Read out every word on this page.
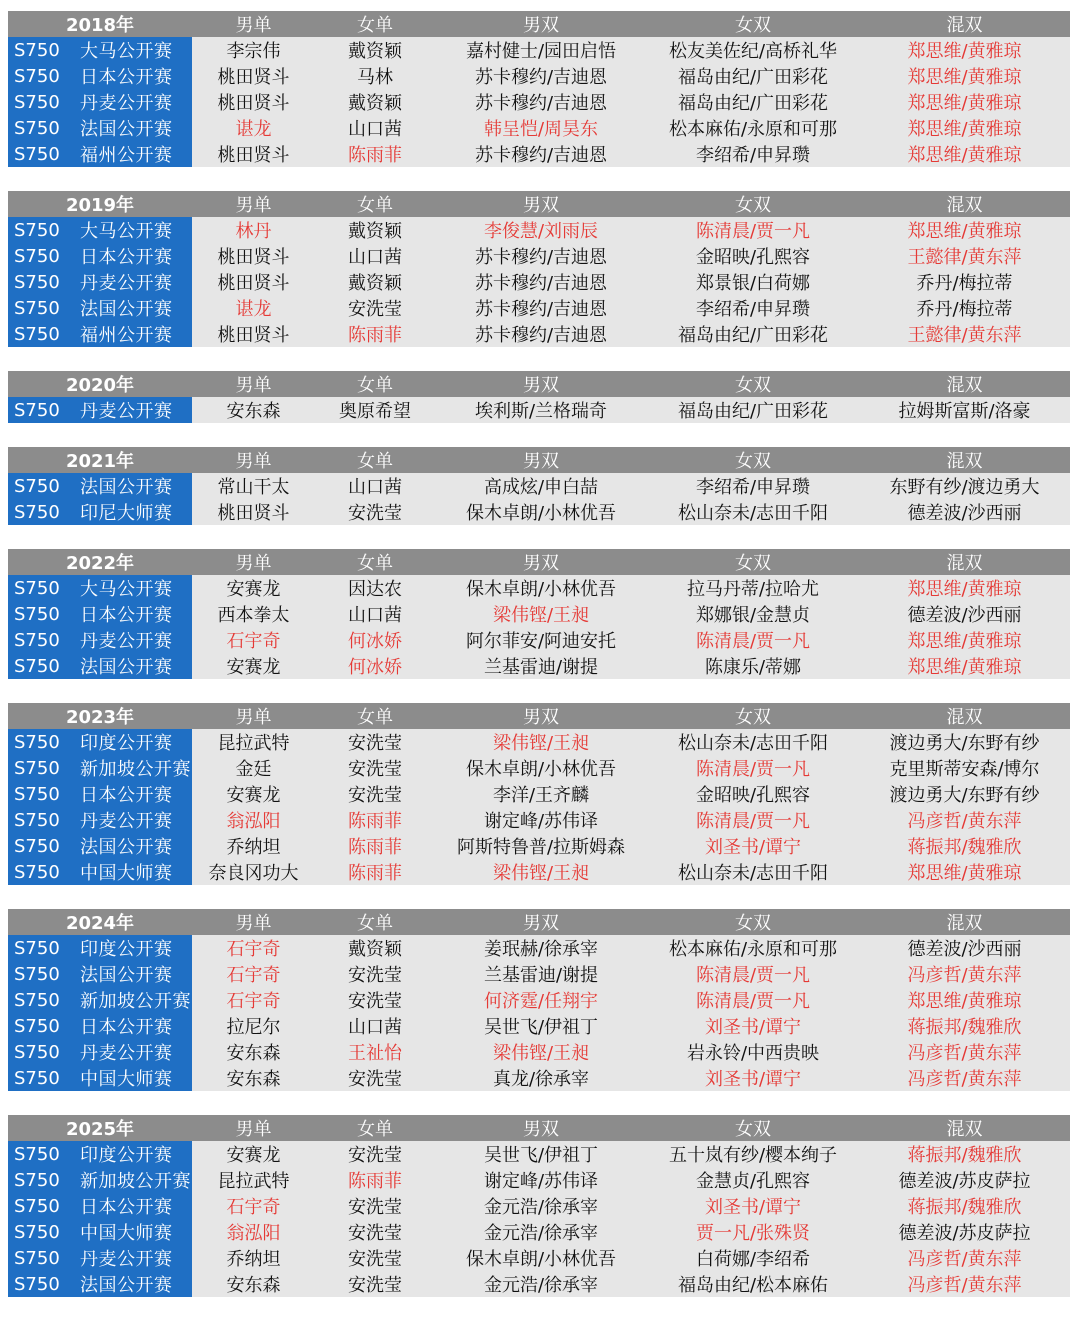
2018年	男单	女单	男双	女双	混双
S750	大马公开赛	李宗伟	戴资颖	嘉村健士/园田启悟	松友美佐纪/高桥礼华	郑思维/黄雅琼
S750	日本公开赛	桃田贤斗	马林	苏卡穆约/吉迪恩	福岛由纪/广田彩花	郑思维/黄雅琼
S750	丹麦公开赛	桃田贤斗	戴资颖	苏卡穆约/吉迪恩	福岛由纪/广田彩花	郑思维/黄雅琼
S750	法国公开赛	谌龙	山口茜	韩呈恺/周昊东	松本麻佑/永原和可那	郑思维/黄雅琼
S750	福州公开赛	桃田贤斗	陈雨菲	苏卡穆约/吉迪恩	李绍希/申昇瓒	郑思维/黄雅琼
2019年	男单	女单	男双	女双	混双
S750	大马公开赛	林丹	戴资颖	李俊慧/刘雨辰	陈清晨/贾一凡	郑思维/黄雅琼
S750	日本公开赛	桃田贤斗	山口茜	苏卡穆约/吉迪恩	金昭映/孔熙容	王懿律/黄东萍
S750	丹麦公开赛	桃田贤斗	戴资颖	苏卡穆约/吉迪恩	郑景银/白荷娜	乔丹/梅拉蒂
S750	法国公开赛	谌龙	安洗莹	苏卡穆约/吉迪恩	李绍希/申昇瓒	乔丹/梅拉蒂
S750	福州公开赛	桃田贤斗	陈雨菲	苏卡穆约/吉迪恩	福岛由纪/广田彩花	王懿律/黄东萍
2020年	男单	女单	男双	女双	混双
S750	丹麦公开赛	安东森	奥原希望	埃利斯/兰格瑞奇	福岛由纪/广田彩花	拉姆斯富斯/洛豪
2021年	男单	女单	男双	女双	混双
S750	法国公开赛	常山干太	山口茜	高成炫/申白喆	李绍希/申昇瓒	东野有纱/渡边勇大
S750	印尼大师赛	桃田贤斗	安洗莹	保木卓朗/小林优吾	松山奈未/志田千阳	德差波/沙西丽
2022年	男单	女单	男双	女双	混双
S750	大马公开赛	安赛龙	因达农	保木卓朗/小林优吾	拉马丹蒂/拉哈尤	郑思维/黄雅琼
S750	日本公开赛	西本拳太	山口茜	梁伟铿/王昶	郑娜银/金慧贞	德差波/沙西丽
S750	丹麦公开赛	石宇奇	何冰娇	阿尔菲安/阿迪安托	陈清晨/贾一凡	郑思维/黄雅琼
S750	法国公开赛	安赛龙	何冰娇	兰基雷迪/谢提	陈康乐/蒂娜	郑思维/黄雅琼
2023年	男单	女单	男双	女双	混双
S750	印度公开赛	昆拉武特	安洗莹	梁伟铿/王昶	松山奈未/志田千阳	渡边勇大/东野有纱
S750	新加坡公开赛	金廷	安洗莹	保木卓朗/小林优吾	陈清晨/贾一凡	克里斯蒂安森/博尔
S750	日本公开赛	安赛龙	安洗莹	李洋/王齐麟	金昭映/孔熙容	渡边勇大/东野有纱
S750	丹麦公开赛	翁泓阳	陈雨菲	谢定峰/苏伟译	陈清晨/贾一凡	冯彦哲/黄东萍
S750	法国公开赛	乔纳坦	陈雨菲	阿斯特鲁普/拉斯姆森	刘圣书/谭宁	蒋振邦/魏雅欣
S750	中国大师赛	奈良冈功大	陈雨菲	梁伟铿/王昶	松山奈未/志田千阳	郑思维/黄雅琼
2024年	男单	女单	男双	女双	混双
S750	印度公开赛	石宇奇	戴资颖	姜珉赫/徐承宰	松本麻佑/永原和可那	德差波/沙西丽
S750	法国公开赛	石宇奇	安洗莹	兰基雷迪/谢提	陈清晨/贾一凡	冯彦哲/黄东萍
S750	新加坡公开赛	石宇奇	安洗莹	何济霆/任翔宇	陈清晨/贾一凡	郑思维/黄雅琼
S750	日本公开赛	拉尼尔	山口茜	吴世飞/伊祖丁	刘圣书/谭宁	蒋振邦/魏雅欣
S750	丹麦公开赛	安东森	王祉怡	梁伟铿/王昶	岩永铃/中西贵映	冯彦哲/黄东萍
S750	中国大师赛	安东森	安洗莹	真龙/徐承宰	刘圣书/谭宁	冯彦哲/黄东萍
2025年	男单	女单	男双	女双	混双
S750	印度公开赛	安赛龙	安洗莹	吴世飞/伊祖丁	五十岚有纱/樱本绚子	蒋振邦/魏雅欣
S750	新加坡公开赛	昆拉武特	陈雨菲	谢定峰/苏伟译	金慧贞/孔熙容	德差波/苏皮萨拉
S750	日本公开赛	石宇奇	安洗莹	金元浩/徐承宰	刘圣书/谭宁	蒋振邦/魏雅欣
S750	中国大师赛	翁泓阳	安洗莹	金元浩/徐承宰	贾一凡/张殊贤	德差波/苏皮萨拉
S750	丹麦公开赛	乔纳坦	安洗莹	保木卓朗/小林优吾	白荷娜/李绍希	冯彦哲/黄东萍
S750	法国公开赛	安东森	安洗莹	金元浩/徐承宰	福岛由纪/松本麻佑	冯彦哲/黄东萍
